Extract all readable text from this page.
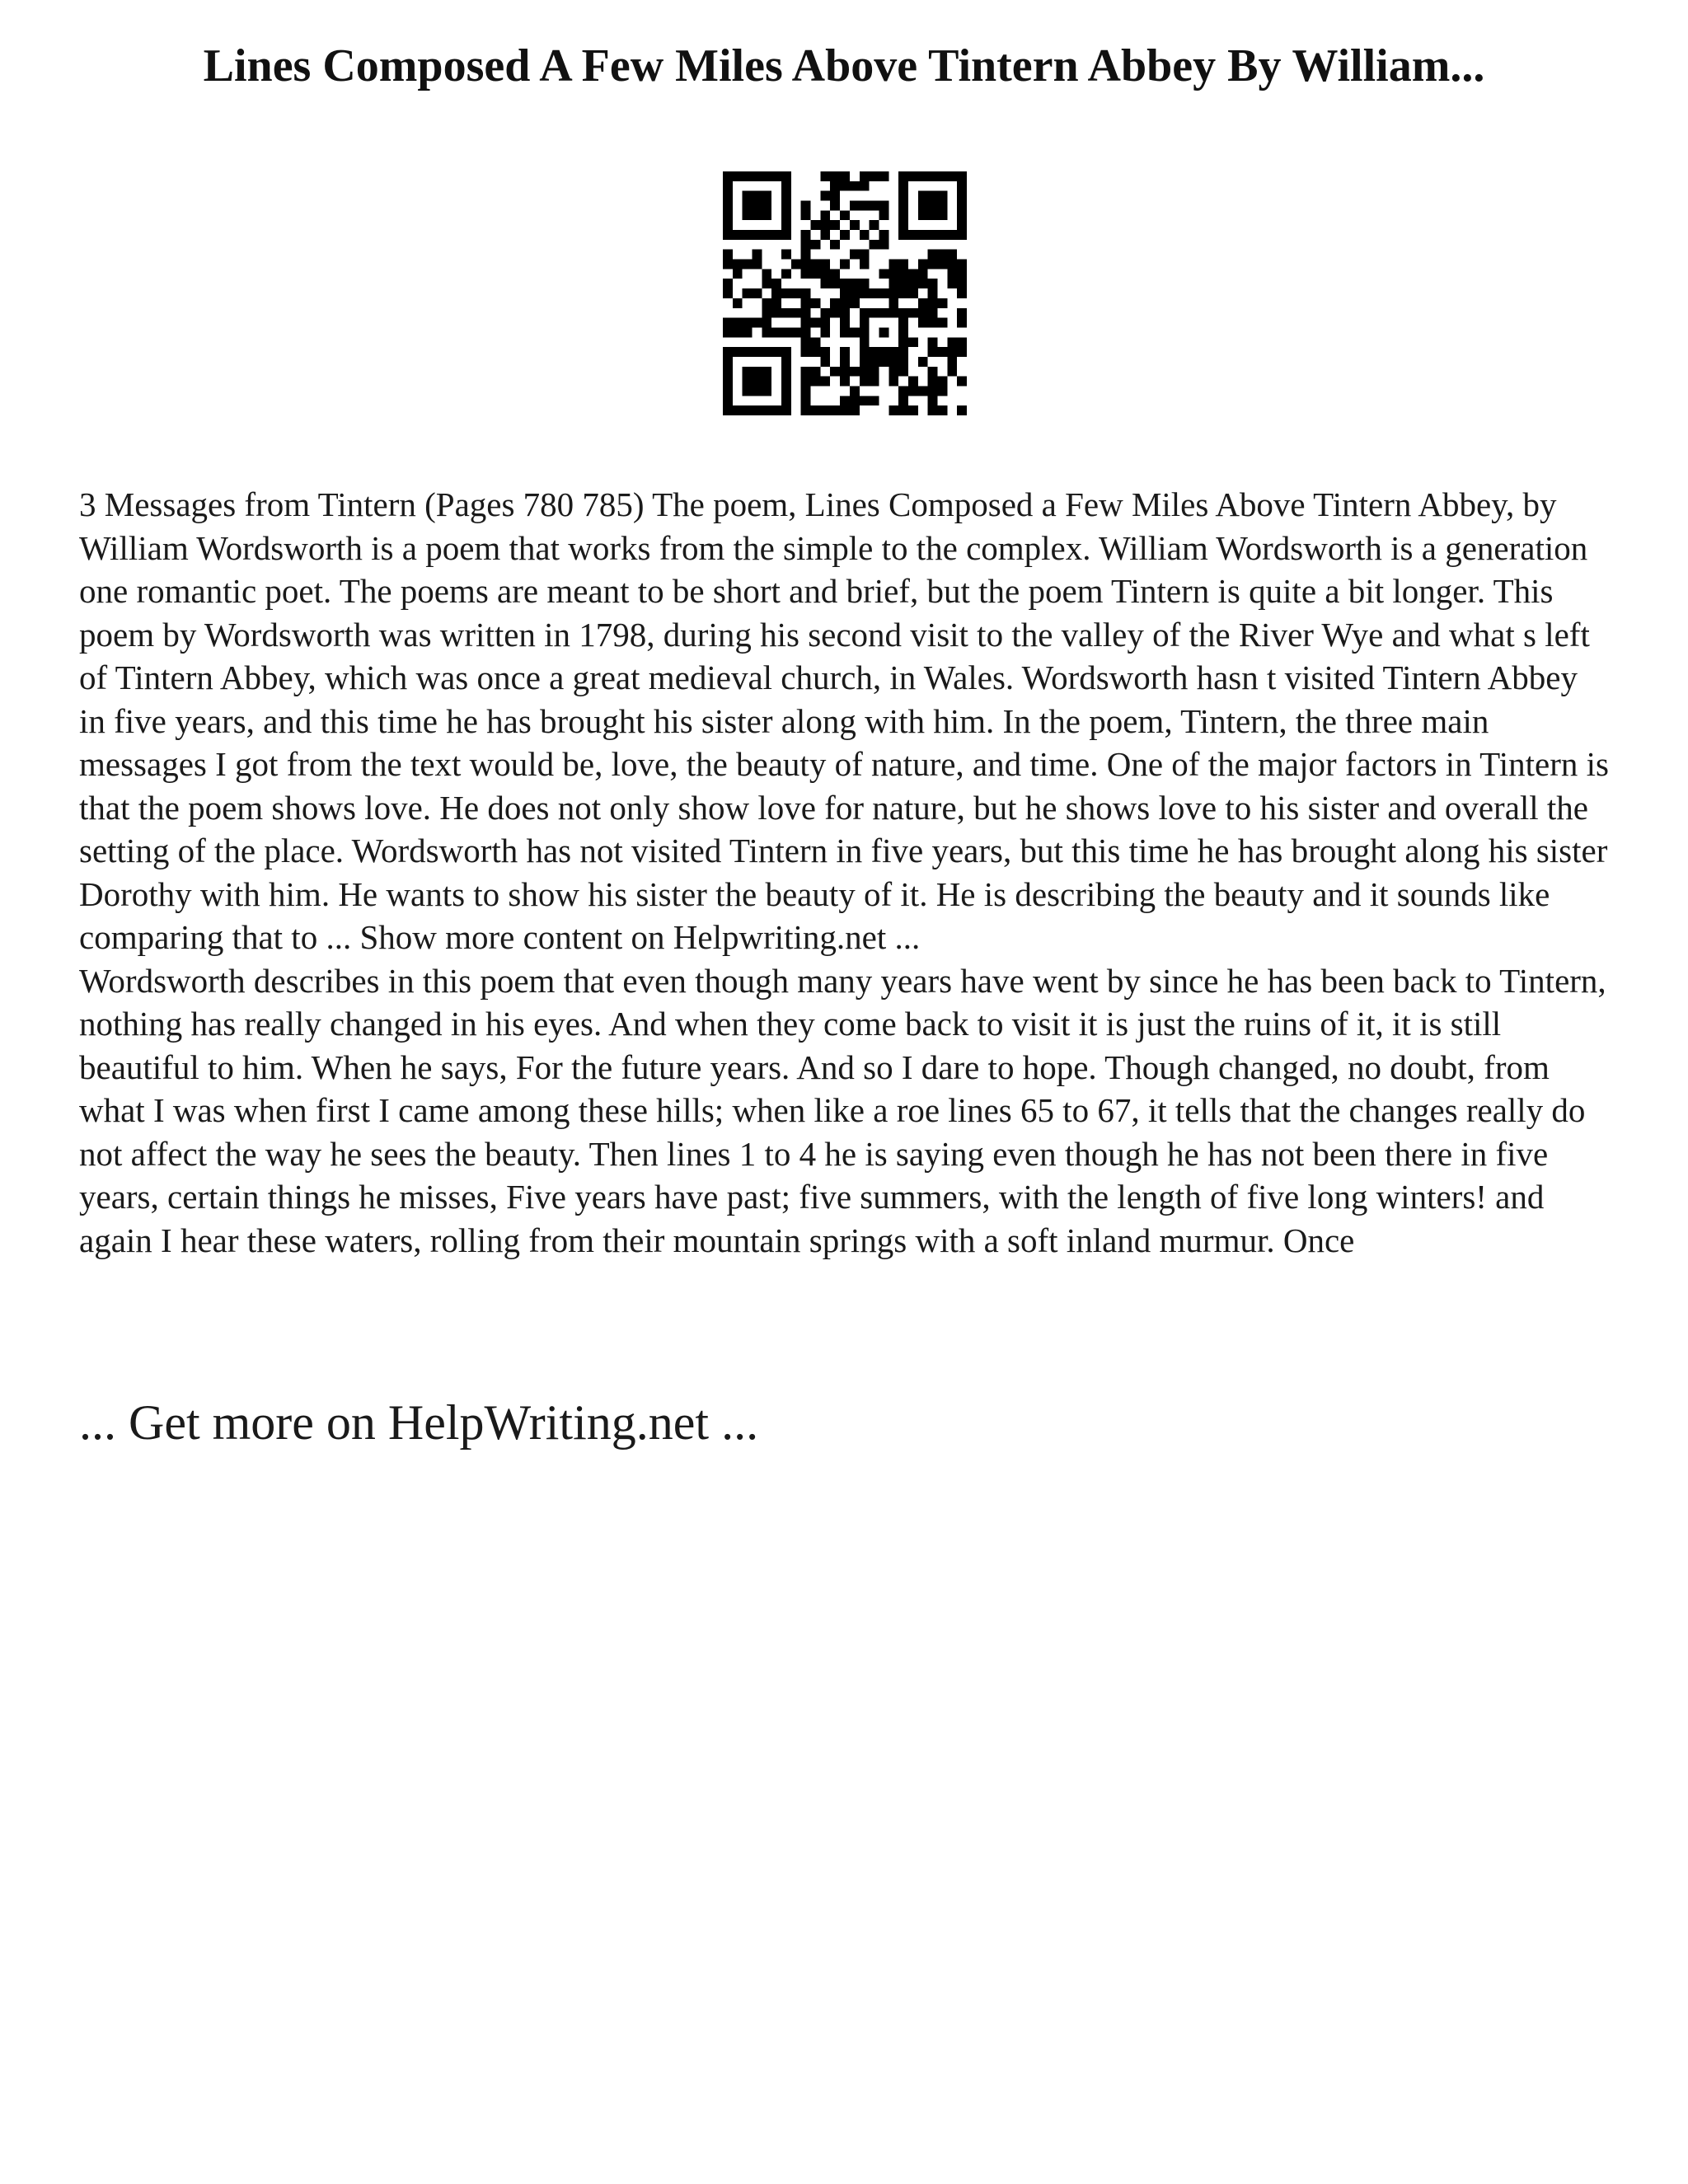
Lines Composed A Few Miles Above Tintern Abbey By William...

3 Messages from Tintern (Pages 780 785) The poem, Lines Composed a Few Miles Above Tintern Abbey, by William Wordsworth is a poem that works from the simple to the complex. William Wordsworth is a generation one romantic poet. The poems are meant to be short and brief, but the poem Tintern is quite a bit longer. This poem by Wordsworth was written in 1798, during his second visit to the valley of the River Wye and what s left of Tintern Abbey, which was once a great medieval church, in Wales. Wordsworth hasn t visited Tintern Abbey in five years, and this time he has brought his sister along with him. In the poem, Tintern, the three main messages I got from the text would be, love, the beauty of nature, and time. One of the major factors in Tintern is that the poem shows love. He does not only show love for nature, but he shows love to his sister and overall the setting of the place. Wordsworth has not visited Tintern in five years, but this time he has brought along his sister Dorothy with him. He wants to show his sister the beauty of it. He is describing the beauty and it sounds like comparing that to ... Show more content on Helpwriting.net ...

Wordsworth describes in this poem that even though many years have went by since he has been back to Tintern, nothing has really changed in his eyes. And when they come back to visit it is just the ruins of it, it is still beautiful to him. When he says, For the future years. And so I dare to hope. Though changed, no doubt, from what I was when first I came among these hills; when like a roe lines 65 to 67, it tells that the changes really do not affect the way he sees the beauty. Then lines 1 to 4 he is saying even though he has not been there in five years, certain things he misses, Five years have past; five summers, with the length of five long winters! and again I hear these waters, rolling from their mountain springs with a soft inland murmur. Once

... Get more on HelpWriting.net ...
